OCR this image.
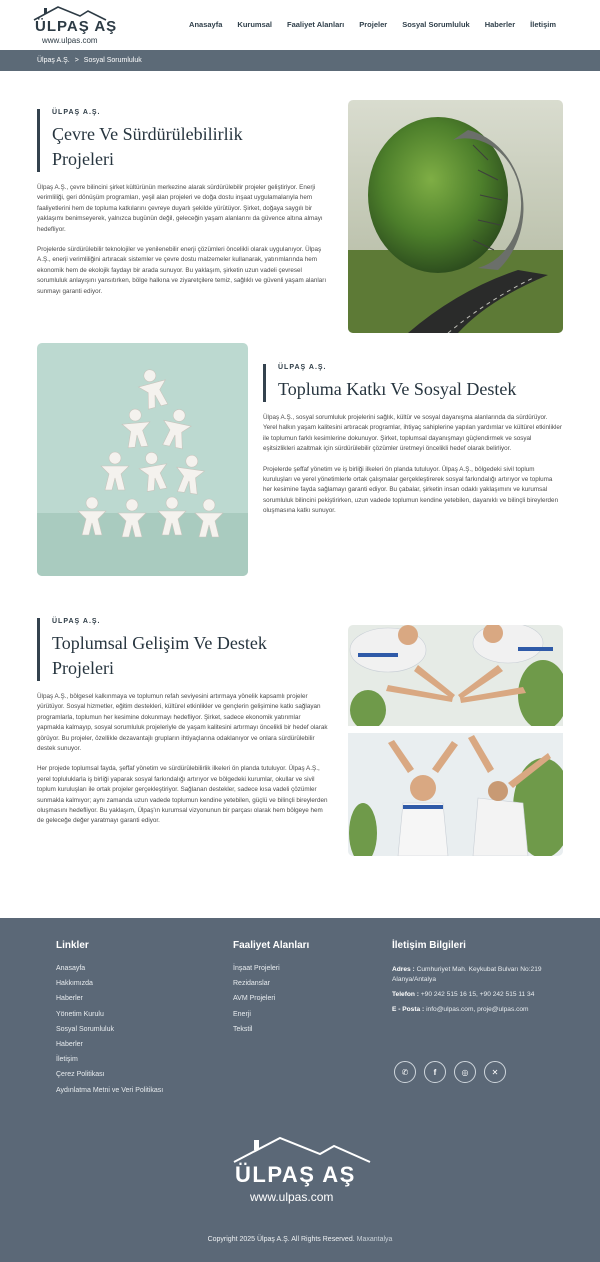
ÜLPAŞ AŞ
www.ulpas.com
Anasayfa Kurumsal Faaliyet Alanları Projeler Sosyal Sorumluluk Haberler İletişim
Ülpaş A.Ş. > Sosyal Sorumluluk
ÜLPAŞ A.Ş.
Çevre Ve Sürdürülebilirlik
Projeleri

Ülpaş A.Ş., çevre bilincini şirket kültürünün merkezine alarak sürdürülebilir projeler geliştiriyor. Enerji verimliliği, geri dönüşüm programları, yeşil alan projeleri ve doğa dostu inşaat uygulamalarıyla hem faaliyetlerini hem de topluma katkılarını çevreye duyarlı şekilde yürütüyor. Şirket, doğaya saygılı bir yaklaşımı benimseyerek, yalnızca bugünün değil, geleceğin yaşam alanlarını da güvence altına almayı hedefliyor.

Projelerde sürdürülebilir teknolojiler ve yenilenebilir enerji çözümleri öncelikli olarak uygulanıyor. Ülpaş A.Ş., enerji verimliliğini artıracak sistemler ve çevre dostu malzemeler kullanarak, yatırımlarında hem ekonomik hem de ekolojik faydayı bir arada sunuyor. Bu yaklaşım, şirketin uzun vadeli çevresel sorumluluk anlayışını yansıtırken, bölge halkına ve ziyaretçilere temiz, sağlıklı ve güvenli yaşam alanları sunmayı garanti ediyor.

ÜLPAŞ A.Ş.
Topluma Katkı Ve Sosyal Destek

Ülpaş A.Ş., sosyal sorumluluk projelerini sağlık, kültür ve sosyal dayanışma alanlarında da sürdürüyor. Yerel halkın yaşam kalitesini artıracak programlar, ihtiyaç sahiplerine yapılan yardımlar ve kültürel etkinlikler ile toplumun farklı kesimlerine dokunuyor. Şirket, toplumsal dayanışmayı güçlendirmek ve sosyal eşitsizlikleri azaltmak için sürdürülebilir çözümler üretmeyi öncelikli hedef olarak belirliyor.

Projelerde şeffaf yönetim ve iş birliği ilkeleri ön planda tutuluyor. Ülpaş A.Ş., bölgedeki sivil toplum kuruluşları ve yerel yönetimlerle ortak çalışmalar gerçekleştirerek sosyal farkındalığı artırıyor ve topluma her kesimine fayda sağlamayı garanti ediyor. Bu çabalar, şirketin insan odaklı yaklaşımını ve kurumsal sorumluluk bilincini pekiştirirken, uzun vadede toplumun kendine yetebilen, dayanıklı ve bilinçli bireylerden oluşmasına katkı sunuyor.

ÜLPAŞ A.Ş.
Toplumsal Gelişim Ve Destek
Projeleri

Ülpaş A.Ş., bölgesel kalkınmaya ve toplumun refah seviyesini artırmaya yönelik kapsamlı projeler yürütüyor. Sosyal hizmetler, eğitim destekleri, kültürel etkinlikler ve gençlerin gelişimine katkı sağlayan programlarla, toplumun her kesimine dokunmayı hedefliyor. Şirket, sadece ekonomik yatırımlar yapmakla kalmayıp, sosyal sorumluluk projeleriyle de yaşam kalitesini artırmayı öncelikli bir hedef olarak görüyor. Bu projeler, özellikle dezavantajlı grupların ihtiyaçlarına odaklanıyor ve onlara sürdürülebilir destek sunuyor.

Her projede toplumsal fayda, şeffaf yönetim ve sürdürülebilirlik ilkeleri ön planda tutuluyor. Ülpaş A.Ş., yerel topluluklarla iş birliği yaparak sosyal farkındalığı artırıyor ve bölgedeki kurumlar, okullar ve sivil toplum kuruluşları ile ortak projeler gerçekleştiriyor. Sağlanan destekler, sadece kısa vadeli çözümler sunmakla kalmıyor; aynı zamanda uzun vadede toplumun kendine yetebilen, güçlü ve bilinçli bireylerden oluşmasını hedefliyor. Bu yaklaşım, Ülpaş'ın kurumsal vizyonunun bir parçası olarak hem bölgeye hem de geleceğe değer yaratmayı garanti ediyor.

Linkler
Anasayfa
Hakkımızda
Haberler
Yönetim Kurulu
Sosyal Sorumluluk
Haberler
İletişim
Çerez Politikası
Aydınlatma Metni ve Veri Politikası
Faaliyet Alanları
İnşaat Projeleri
Rezidanslar
AVM Projeleri
Enerji
Tekstil
İletişim Bilgileri
Adres : Cumhuriyet Mah. Keykubat Bulvarı No:219 Alanya/Antalya
Telefon : +90 242 515 16 15, +90 242 515 11 34
E - Posta : info@ulpas.com, proje@ulpas.com
✆	f	◎	✕
ÜLPAŞ AŞ
www.ulpas.com
Copyright 2025 Ülpaş A.Ş. All Rights Reserved. Maxantalya
